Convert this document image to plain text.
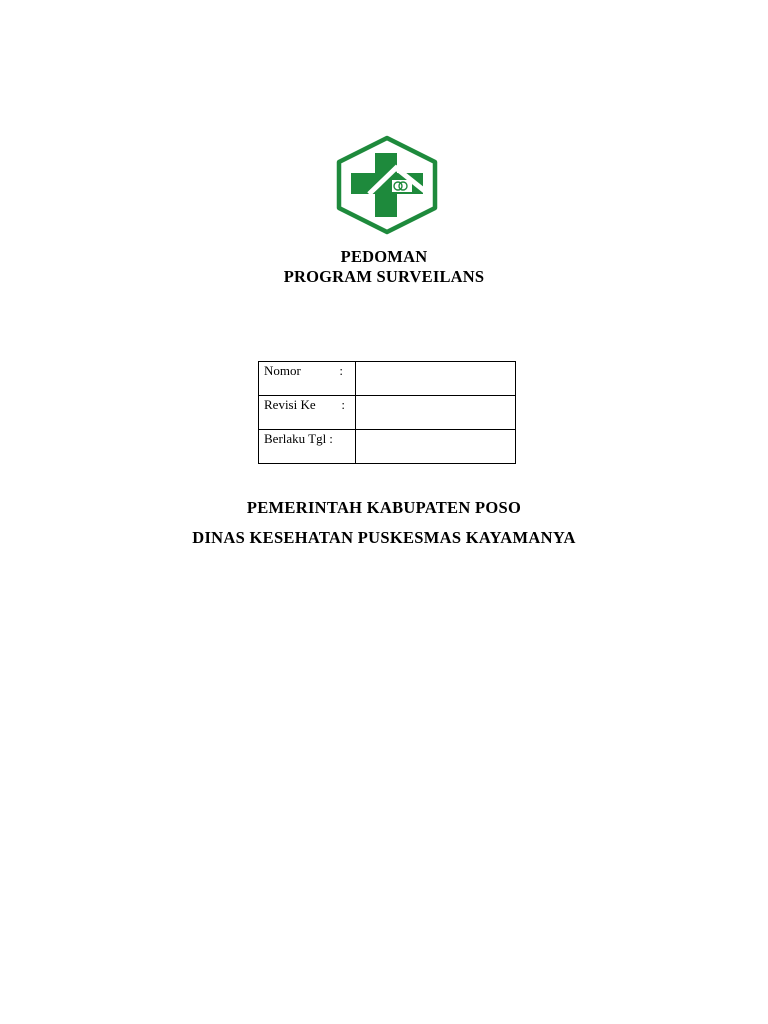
PEDOMAN
PROGRAM SURVEILANS
Nomor :	

Revisi Ke :	

Berlaku Tgl :	

PEMERINTAH KABUPATEN POSO
DINAS KESEHATAN PUSKESMAS KAYAMANYA
